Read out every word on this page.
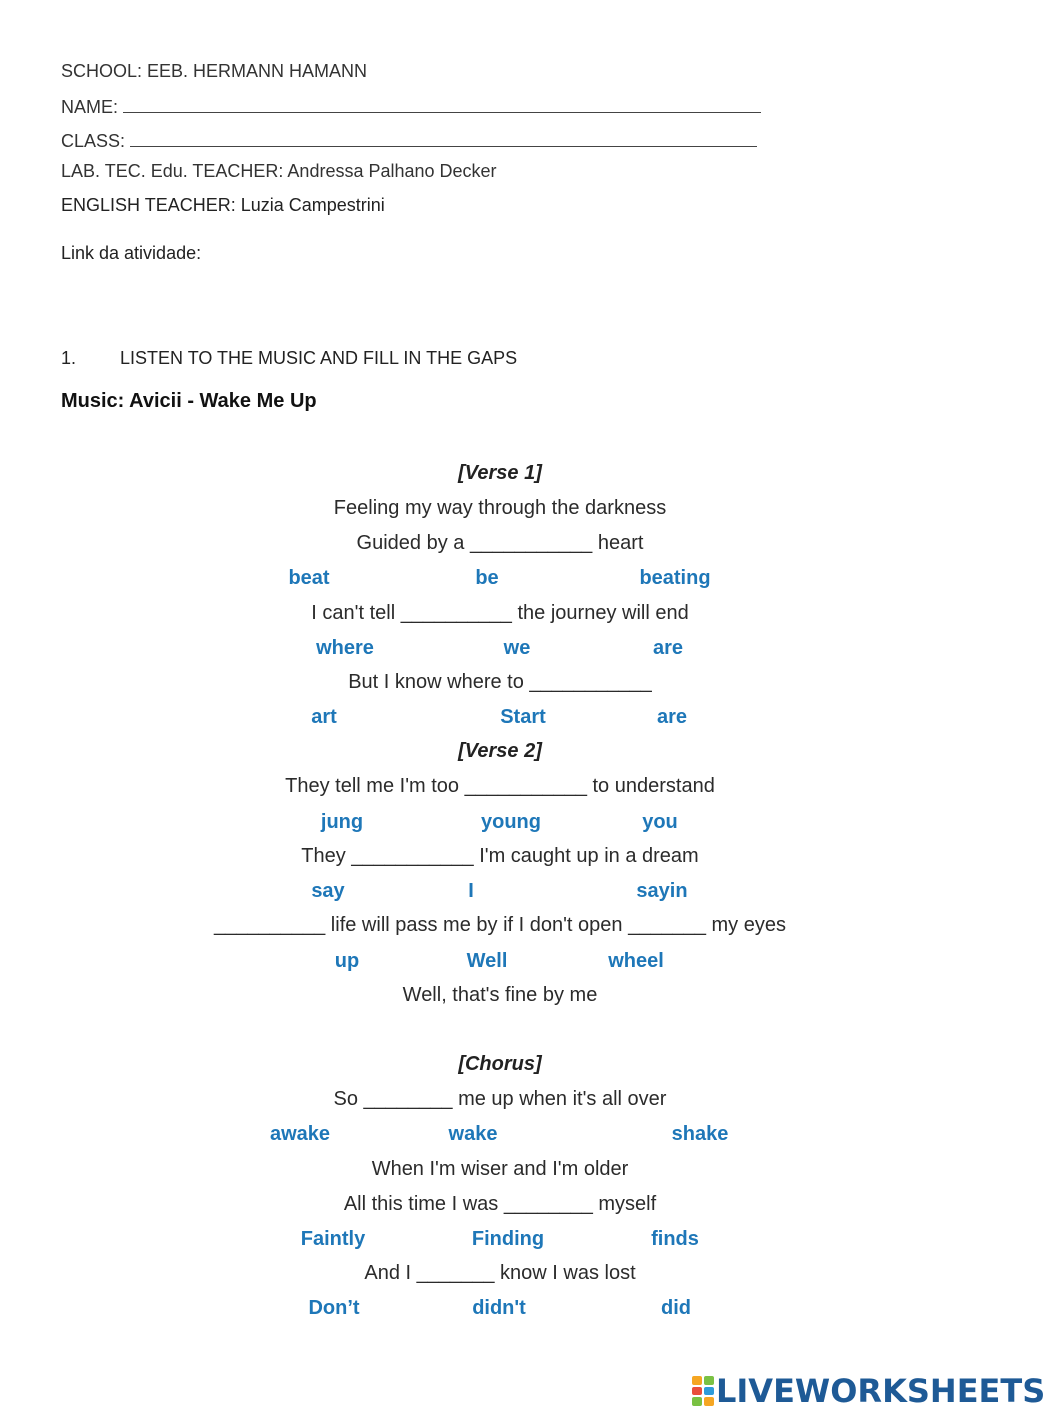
SCHOOL: EEB. HERMANN HAMANN
NAME:
CLASS:
LAB. TEC. Edu. TEACHER: Andressa Palhano Decker
ENGLISH TEACHER: Luzia Campestrini
Link da atividade:
1. LISTEN TO THE MUSIC AND FILL IN THE GAPS
Music: Avicii - Wake Me Up
[Verse 1]
Feeling my way through the darkness
Guided by a ___________ heart
beat	be	beating
I can't tell __________ the journey will end
where	we	are
But I know where to ___________
art	Start	are
[Verse 2]
They tell me I'm too ___________ to understand
jung	young	you
They ___________ I'm caught up in a dream
say	I	sayin
__________ life will pass me by if I don't open _______ my eyes
up	Well	wheel
Well, that's fine by me
[Chorus]
So ________ me up when it's all over
awake	wake	shake
When I'm wiser and I'm older
All this time I was ________ myself
Faintly	Finding	finds
And I _______ know I was lost
Don’t	didn't	did
LIVEWORKSHEETS
